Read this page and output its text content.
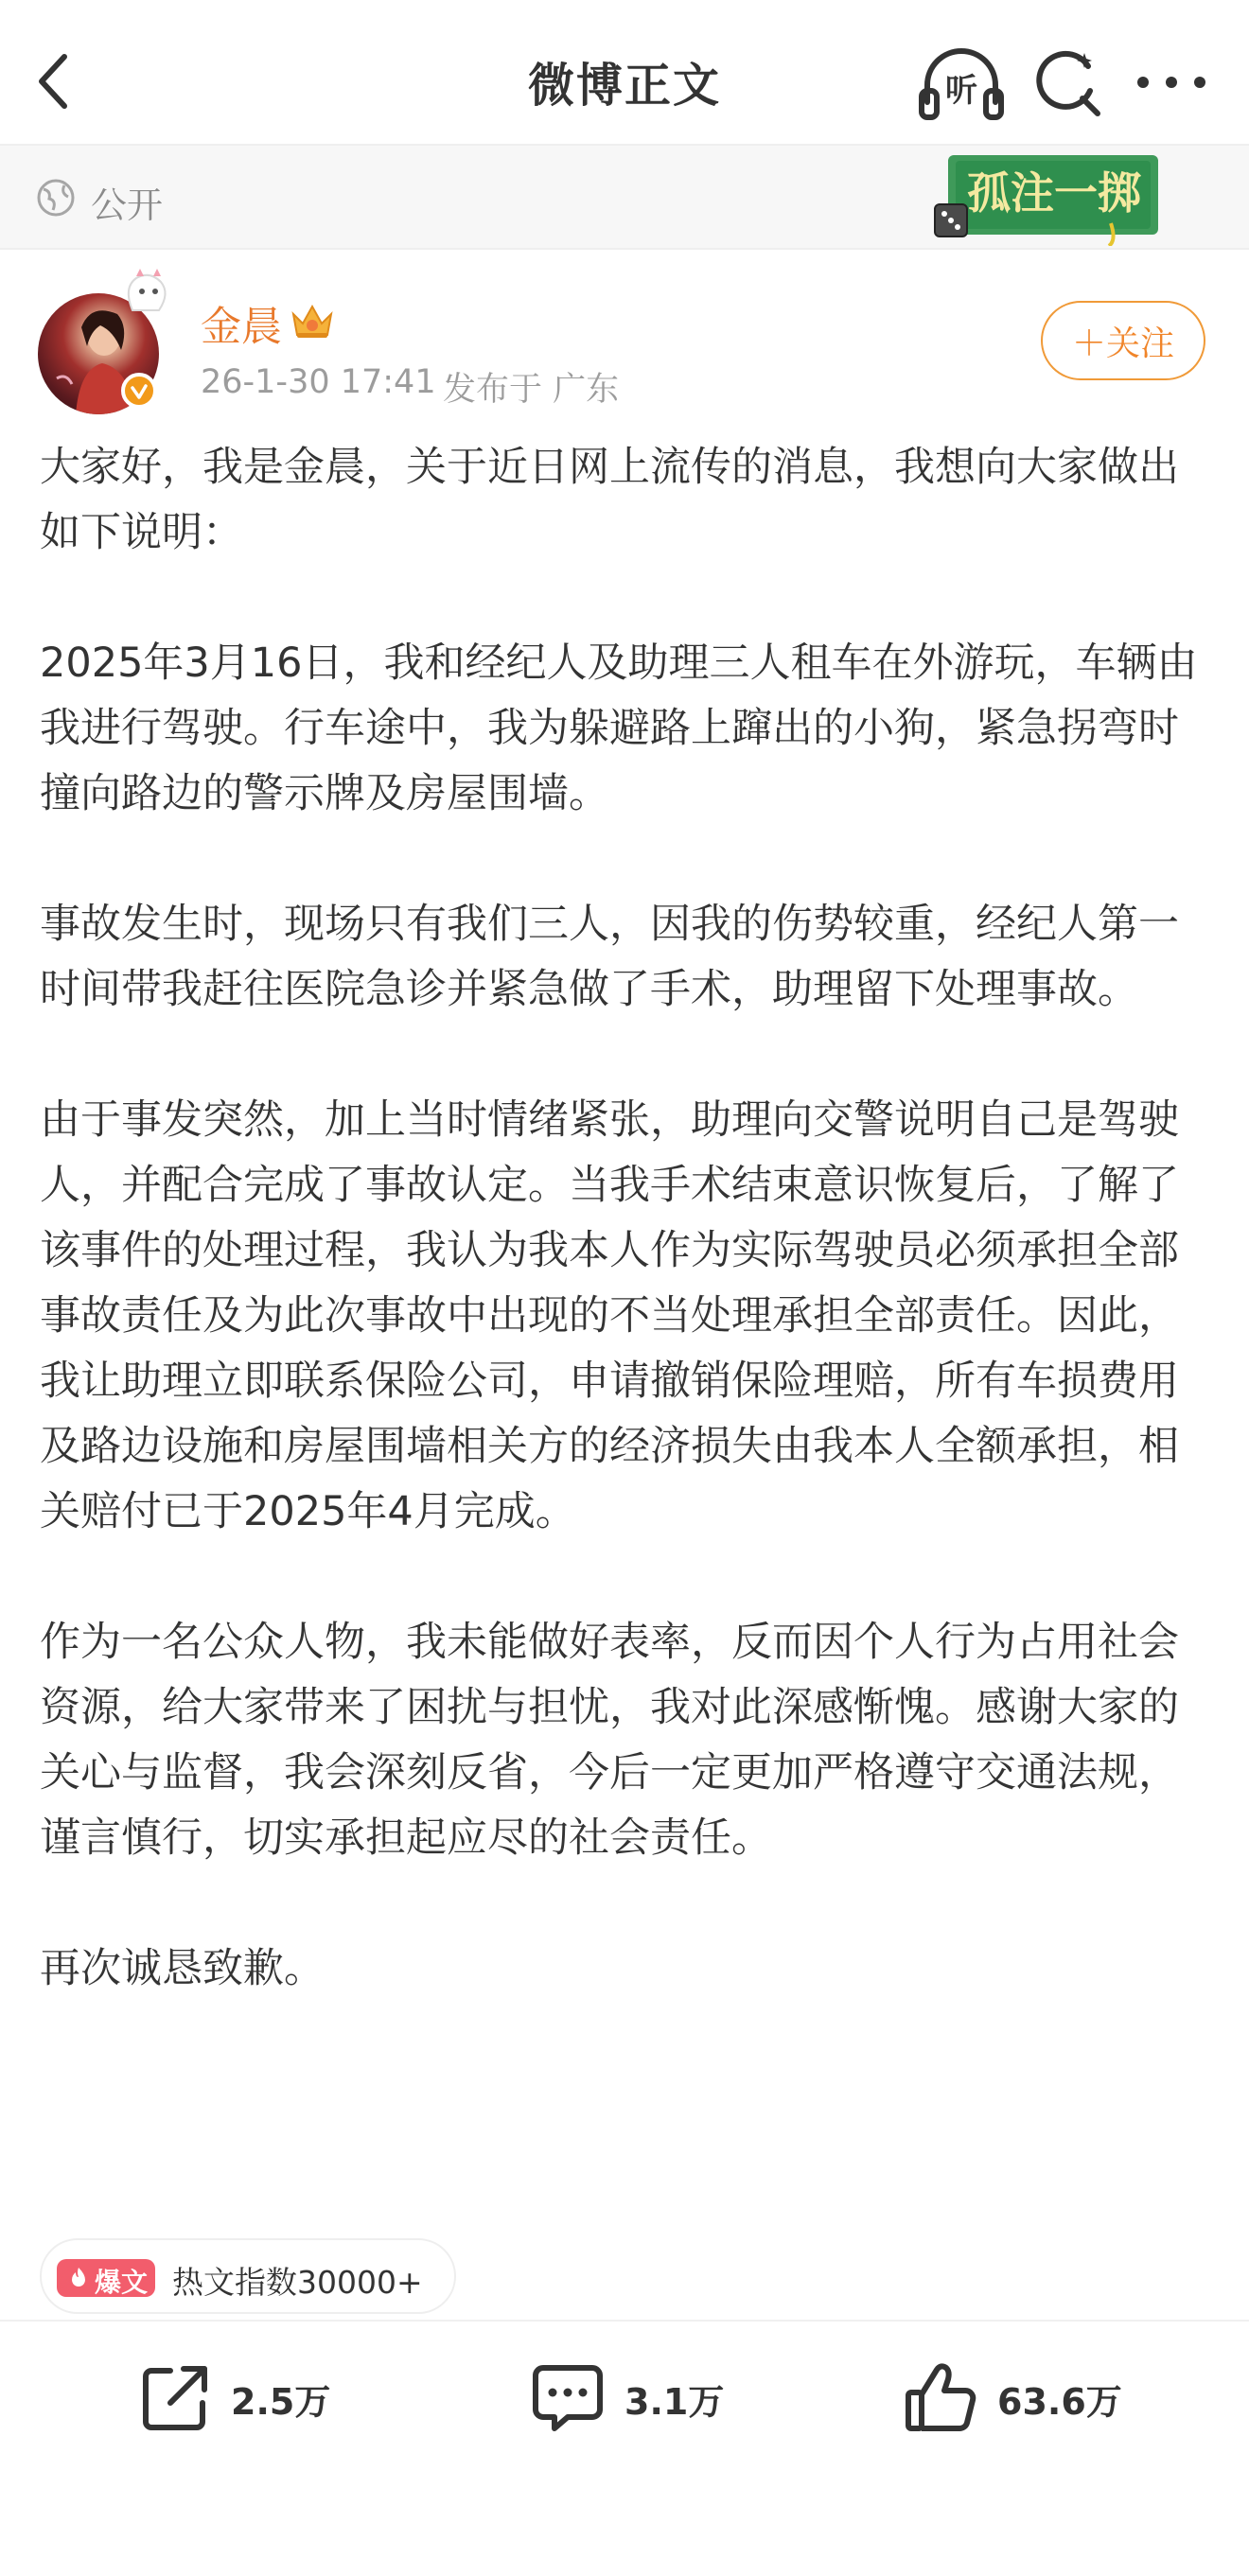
微博正文	听
公开	孤注一掷
金晨
26-1-30 17:41 发布于 广东
＋关注

大家好，我是金晨，关于近日网上流传的消息，我想向大家做出如下说明：

2025年3月16日，我和经纪人及助理三人租车在外游玩，车辆由我进行驾驶。行车途中，我为躲避路上蹿出的小狗，紧急拐弯时撞向路边的警示牌及房屋围墙。

事故发生时，现场只有我们三人，因我的伤势较重，经纪人第一时间带我赶往医院急诊并紧急做了手术，助理留下处理事故。

由于事发突然，加上当时情绪紧张，助理向交警说明自己是驾驶人，并配合完成了事故认定。当我手术结束意识恢复后，了解了该事件的处理过程，我认为我本人作为实际驾驶员必须承担全部事故责任及为此次事故中出现的不当处理承担全部责任。因此，我让助理立即联系保险公司，申请撤销保险理赔，所有车损费用及路边设施和房屋围墙相关方的经济损失由我本人全额承担，相关赔付已于2025年4月完成。

作为一名公众人物，我未能做好表率，反而因个人行为占用社会资源，给大家带来了困扰与担忧，我对此深感惭愧。感谢大家的关心与监督，我会深刻反省，今后一定更加严格遵守交通法规，谨言慎行，切实承担起应尽的社会责任。

再次诚恳致歉。

爆文 热文指数30000+
2.5万	3.1万	63.6万
